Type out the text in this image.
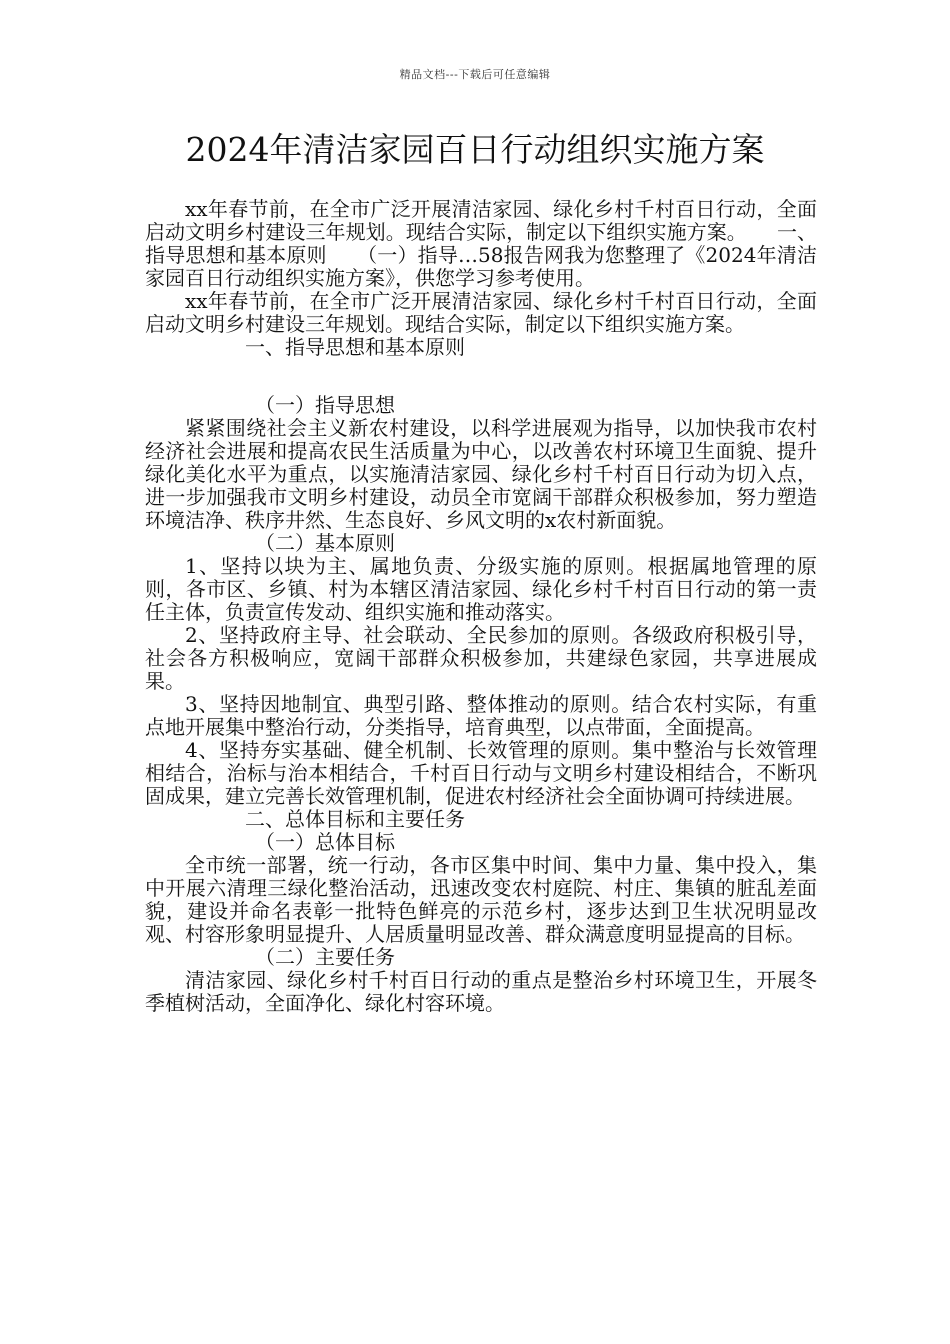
精品文档---下载后可任意编辑
2024年清洁家园百日行动组织实施方案

xx年春节前，在全市广泛开展清洁家园、绿化乡村千村百日行动，全面启动文明乡村建设三年规划。现结合实际，制定以下组织实施方案。　　一、指导思想和基本原则　　（一）指导…58报告网我为您整理了《2024年清洁家园百日行动组织实施方案》，供您学习参考使用。

xx年春节前，在全市广泛开展清洁家园、绿化乡村千村百日行动，全面启动文明乡村建设三年规划。现结合实际，制定以下组织实施方案。

一、指导思想和基本原则

（一）指导思想

紧紧围绕社会主义新农村建设，以科学进展观为指导，以加快我市农村经济社会进展和提高农民生活质量为中心，以改善农村环境卫生面貌、提升绿化美化水平为重点，以实施清洁家园、绿化乡村千村百日行动为切入点，进一步加强我市文明乡村建设，动员全市宽阔干部群众积极参加，努力塑造环境洁净、秩序井然、生态良好、乡风文明的x农村新面貌。

（二）基本原则

1、坚持以块为主、属地负责、分级实施的原则。根据属地管理的原则，各市区、乡镇、村为本辖区清洁家园、绿化乡村千村百日行动的第一责任主体，负责宣传发动、组织实施和推动落实。

2、坚持政府主导、社会联动、全民参加的原则。各级政府积极引导，社会各方积极响应，宽阔干部群众积极参加，共建绿色家园，共享进展成果。

3、坚持因地制宜、典型引路、整体推动的原则。结合农村实际，有重点地开展集中整治行动，分类指导，培育典型，以点带面，全面提高。

4、坚持夯实基础、健全机制、长效管理的原则。集中整治与长效管理相结合，治标与治本相结合，千村百日行动与文明乡村建设相结合，不断巩固成果，建立完善长效管理机制，促进农村经济社会全面协调可持续进展。

二、总体目标和主要任务

（一）总体目标

全市统一部署，统一行动，各市区集中时间、集中力量、集中投入，集中开展六清理三绿化整治活动，迅速改变农村庭院、村庄、集镇的脏乱差面貌，建设并命名表彰一批特色鲜亮的示范乡村，逐步达到卫生状况明显改观、村容形象明显提升、人居质量明显改善、群众满意度明显提高的目标。

（二）主要任务

清洁家园、绿化乡村千村百日行动的重点是整治乡村环境卫生，开展冬季植树活动，全面净化、绿化村容环境。
